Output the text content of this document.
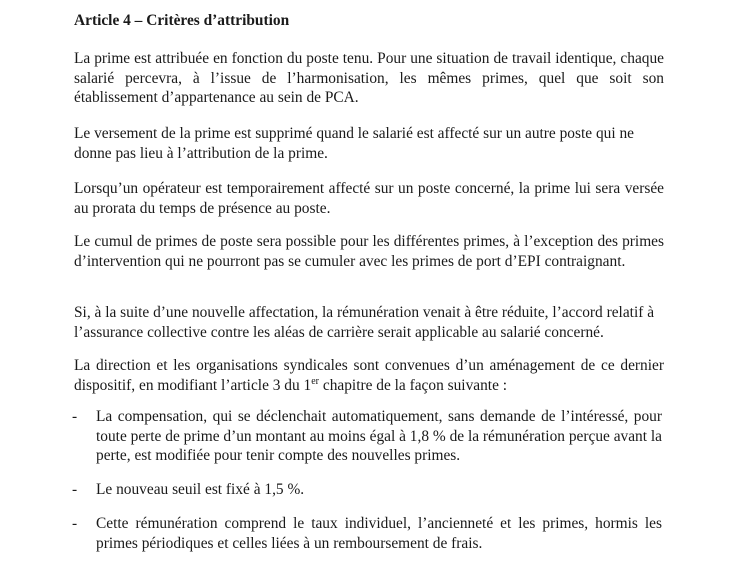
Article 4 – Critères d’attribution
La prime est attribuée en fonction du poste tenu. Pour une situation de travail identique, chaque salarié percevra, à l’issue de l’harmonisation, les mêmes primes, quel que soit son établissement d’appartenance au sein de PCA.
Le versement de la prime est supprimé quand le salarié est affecté sur un autre poste qui ne donne pas lieu à l’attribution de la prime.
Lorsqu’un opérateur est temporairement affecté sur un poste concerné, la prime lui sera versée au prorata du temps de présence au poste.
Le cumul de primes de poste sera possible pour les différentes primes, à l’exception des primes d’intervention qui ne pourront pas se cumuler avec les primes de port d’EPI contraignant.
Si, à la suite d’une nouvelle affectation, la rémunération venait à être réduite, l’accord relatif à l’assurance collective contre les aléas de carrière serait applicable au salarié concerné.
La direction et les organisations syndicales sont convenues d’un aménagement de ce dernier dispositif, en modifiant l’article 3 du 1er chapitre de la façon suivante :
- La compensation, qui se déclenchait automatiquement, sans demande de l’intéressé, pour toute perte de prime d’un montant au moins égal à 1,8 % de la rémunération perçue avant la perte, est modifiée pour tenir compte des nouvelles primes.
- Le nouveau seuil est fixé à 1,5 %.
- Cette rémunération comprend le taux individuel, l’ancienneté et les primes, hormis les primes périodiques et celles liées à un remboursement de frais.
